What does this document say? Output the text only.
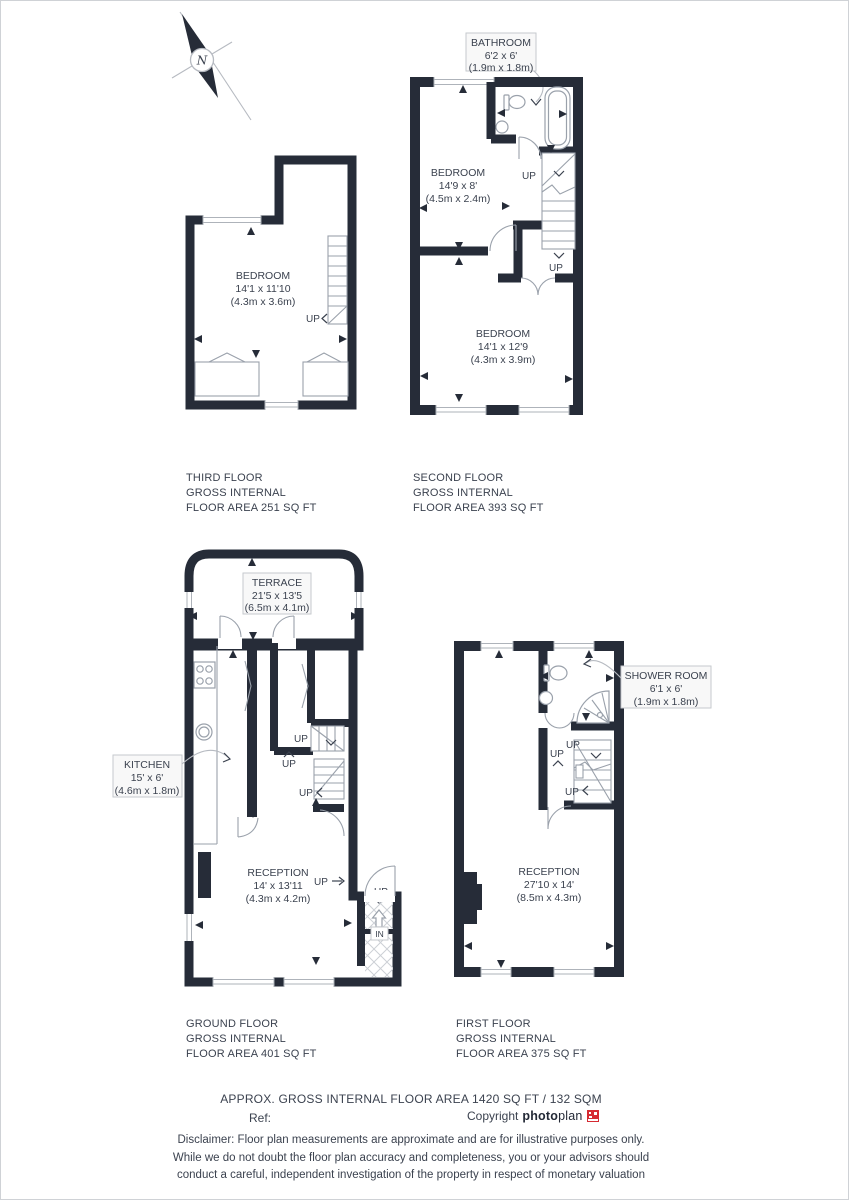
N
UP
BEDROOM
14'1 x 11'10
(4.3m x 3.6m)
BATHROOM
6'2 x 6'
(1.9m x 1.8m)
UP
UP
BEDROOM
14'9 x 8'
(4.5m x 2.4m)
BEDROOM
14'1 x 12'9
(4.3m x 3.9m)
TERRACE
21'5 x 13'5
(6.5m x 4.1m)
UP
UP
UP
KITCHEN
15' x 6'
(4.6m x 1.8m)
RECEPTION
14' x 13'11
(4.3m x 4.2m)
UP
IN
UP
UP
UP
SHOWER ROOM
6'1 x 6'
(1.9m x 1.8m)
RECEPTION
27'10 x 14'
(8.5m x 4.3m)
THIRD FLOOR
GROSS INTERNAL
FLOOR AREA 251 SQ FT
SECOND FLOOR
GROSS INTERNAL
FLOOR AREA 393 SQ FT
GROUND FLOOR
GROSS INTERNAL
FLOOR AREA 401 SQ FT
FIRST FLOOR
GROSS INTERNAL
FLOOR AREA 375 SQ FT
APPROX. GROSS INTERNAL FLOOR AREA 1420 SQ FT / 132 SQM
Ref:	Copyright photoplan
Disclaimer: Floor plan measurements are approximate and are for illustrative purposes only.
While we do not doubt the floor plan accuracy and completeness, you or your advisors should
conduct a careful, independent investigation of the property in respect of monetary valuation
